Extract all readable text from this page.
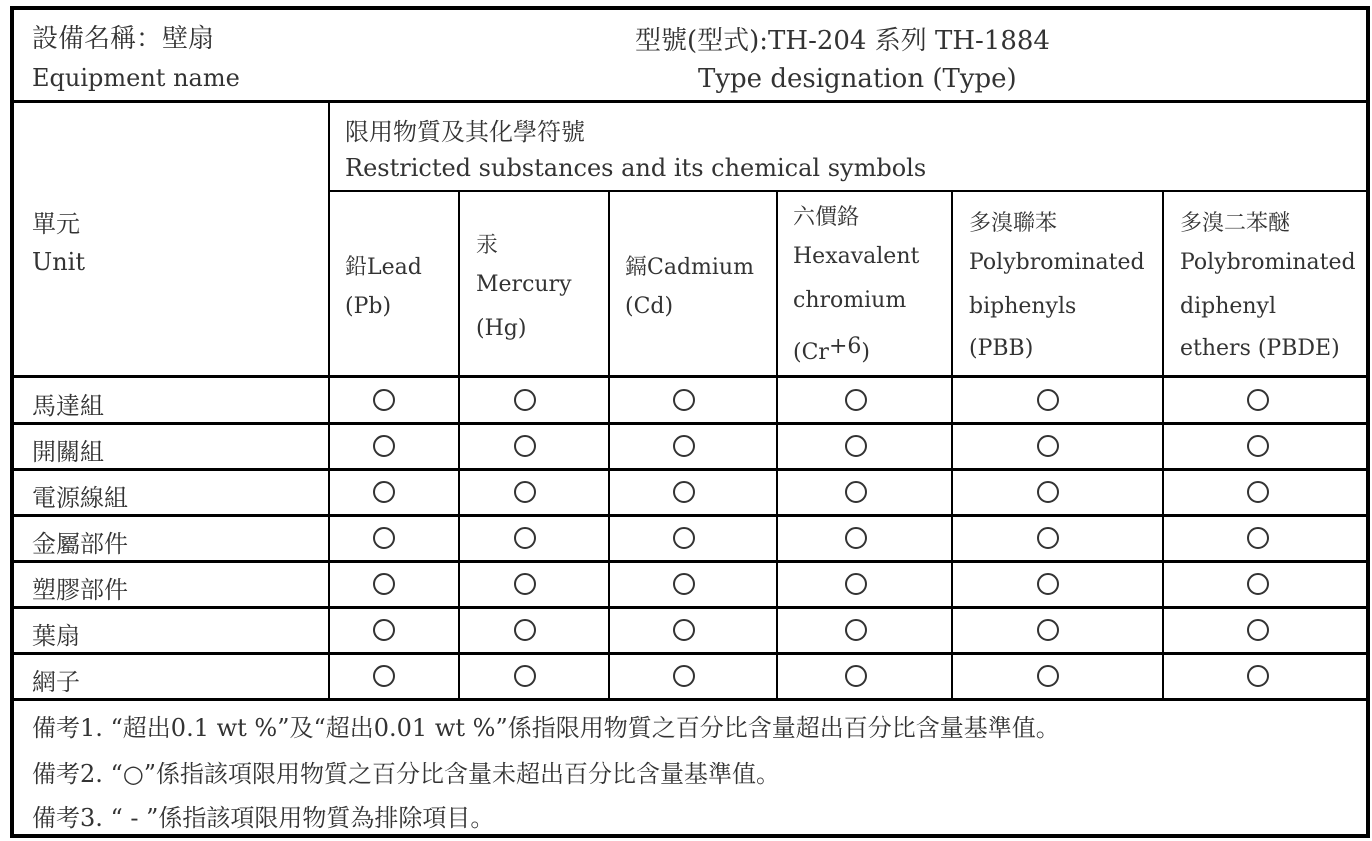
設備名稱：壁扇
Equipment name
型號(型式):TH-204 系列 TH-1884
Type designation (Type)
單元
Unit
限用物質及其化學符號
Restricted substances and its chemical symbols
鉛Lead
(Pb)
汞
Mercury
(Hg)
鎘Cadmium
(Cd)
六價鉻
Hexavalent
chromium
$(Cr^{+6})$
多溴聯苯
Polybrominated
biphenyls
(PBB)
多溴二苯醚
Polybrominated
diphenyl
ethers (PBDE)
馬達組
開關組
電源線組
金屬部件
塑膠部件
葉扇
網子
備考1. “超出0.1 wt %”及“超出0.01 wt %”係指限用物質之百分比含量超出百分比含量基準值。
備考2. “○”係指該項限用物質之百分比含量未超出百分比含量基準值。
備考3. “ - ”係指該項限用物質為排除項目。
